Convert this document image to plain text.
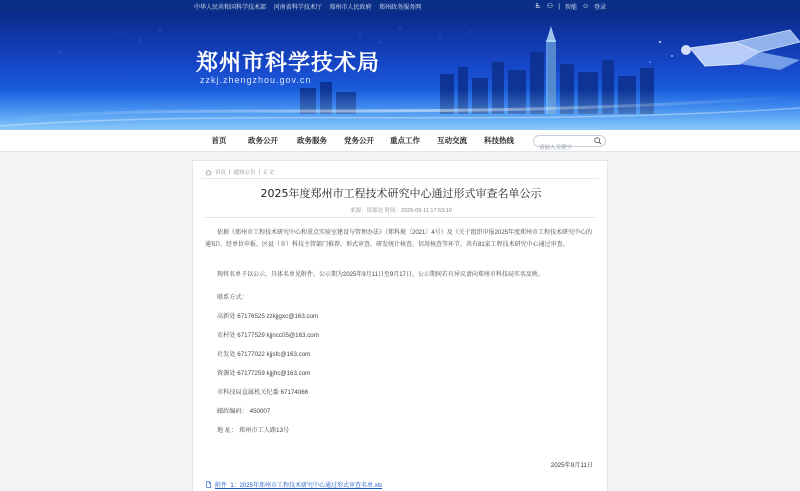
中华人民共和国科学技术部 河南省科学技术厅 郑州市人民政府 郑州政务服务网	♿ ⚇ | 智能 ☺ 登录
郑州市科学技术局
zzkj.zhengzhou.gov.cn
首页	政务公开	政务服务	党务公开	重点工作	互动交流	科技热线
请输入关键字
首页 | 通知公告 | 正文
2025年度郑州市工程技术研究中心通过形式审查名单公示
来源：资源处 时间：2025-09-11 17:53:10
依据《郑州市工程技术研究中心和重点实验室建设与管理办法》（郑科规〔2021〕4号）及《关于组织申报2025年度郑州市工程技术研究中心的通知》，经单位申报、区县（市）科技主管部门推荐、形式审查、研发统计核查、信用核查等环节，共有81家工程技术研究中心通过审查。
现将名单予以公示，具体名单见附件。公示期为2025年9月11日至9月17日。公示期间若有异议请向郑州市科技局实名反映。
联系方式：
高新处 67176525 zzkjjgxc@163.com
农村处 67177529 kjjncc05@163.com
社发处 67177022 kjjsfc@163.com
资源处 67177259 kjjjhc@163.com
市科技局直属机关纪委 67174066
邮政编码： 450007
地 址： 郑州市工人路13号
2025年9月11日
附件_1：2025年郑州市工程技术研究中心通过形式审查名单.xls
